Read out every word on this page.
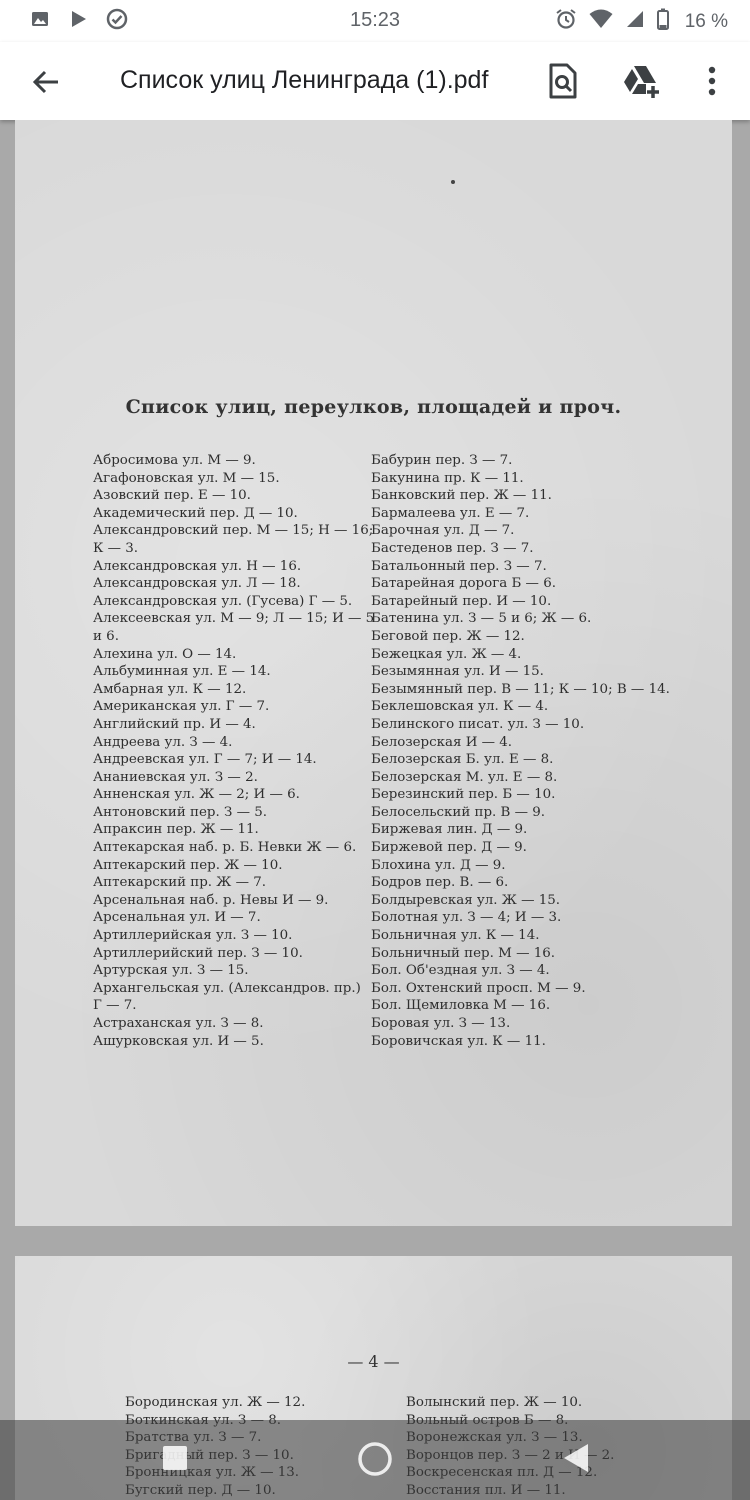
15:23	16 %
Список улиц Ленинграда (1).pdf
Список улиц, переулков, площадей и проч.
Абросимова ул. М — 9.
Агафоновская ул. М — 15.
Азовский пер. Е — 10.
Академический пер. Д — 10.
Александровский пер. М — 15; Н — 16;
К — 3.
Александровская ул. Н — 16.
Александровская ул. Л — 18.
Александровская ул. (Гусева) Г — 5.
Алексеевская ул. М — 9; Л — 15; И — 5
и 6.
Алехина ул. О — 14.
Альбуминная ул. Е — 14.
Амбарная ул. К — 12.
Американская ул. Г — 7.
Английский пр. И — 4.
Андреева ул. З — 4.
Андреевская ул. Г — 7; И — 14.
Ананиевская ул. З — 2.
Анненская ул. Ж — 2; И — 6.
Антоновский пер. З — 5.
Апраксин пер. Ж — 11.
Аптекарская наб. р. Б. Невки Ж — 6.
Аптекарский пер. Ж — 10.
Аптекарский пр. Ж — 7.
Арсенальная наб. р. Невы И — 9.
Арсенальная ул. И — 7.
Артиллерийская ул. З — 10.
Артиллерийский пер. З — 10.
Артурская ул. З — 15.
Архангельская ул. (Александров. пр.)
Г — 7.
Астраханская ул. З — 8.
Ашурковская ул. И — 5.
Бабурин пер. З — 7.
Бакунина пр. К — 11.
Банковский пер. Ж — 11.
Бармалеева ул. Е — 7.
Барочная ул. Д — 7.
Бастеденов пер. З — 7.
Батальонный пер. З — 7.
Батарейная дорога Б — 6.
Батарейный пер. И — 10.
Батенина ул. З — 5 и 6; Ж — 6.
Беговой пер. Ж — 12.
Бежецкая ул. Ж — 4.
Безымянная ул. И — 15.
Безымянный пер. В — 11; К — 10; В — 14.
Беклешовская ул. К — 4.
Белинского писат. ул. З — 10.
Белозерская И — 4.
Белозерская Б. ул. Е — 8.
Белозерская М. ул. Е — 8.
Березинский пер. Б — 10.
Белосельский пр. В — 9.
Биржевая лин. Д — 9.
Биржевой пер. Д — 9.
Блохина ул. Д — 9.
Бодров пер. В. — 6.
Болдыревская ул. Ж — 15.
Болотная ул. З — 4; И — 3.
Больничная ул. К — 14.
Больничный пер. М — 16.
Бол. Об'ездная ул. З — 4.
Бол. Охтенский просп. М — 9.
Бол. Щемиловка М — 16.
Боровая ул. З — 13.
Боровичская ул. К — 11.
— 4 —
Бородинская ул. Ж — 12.	Волынский пер. Ж — 10.
